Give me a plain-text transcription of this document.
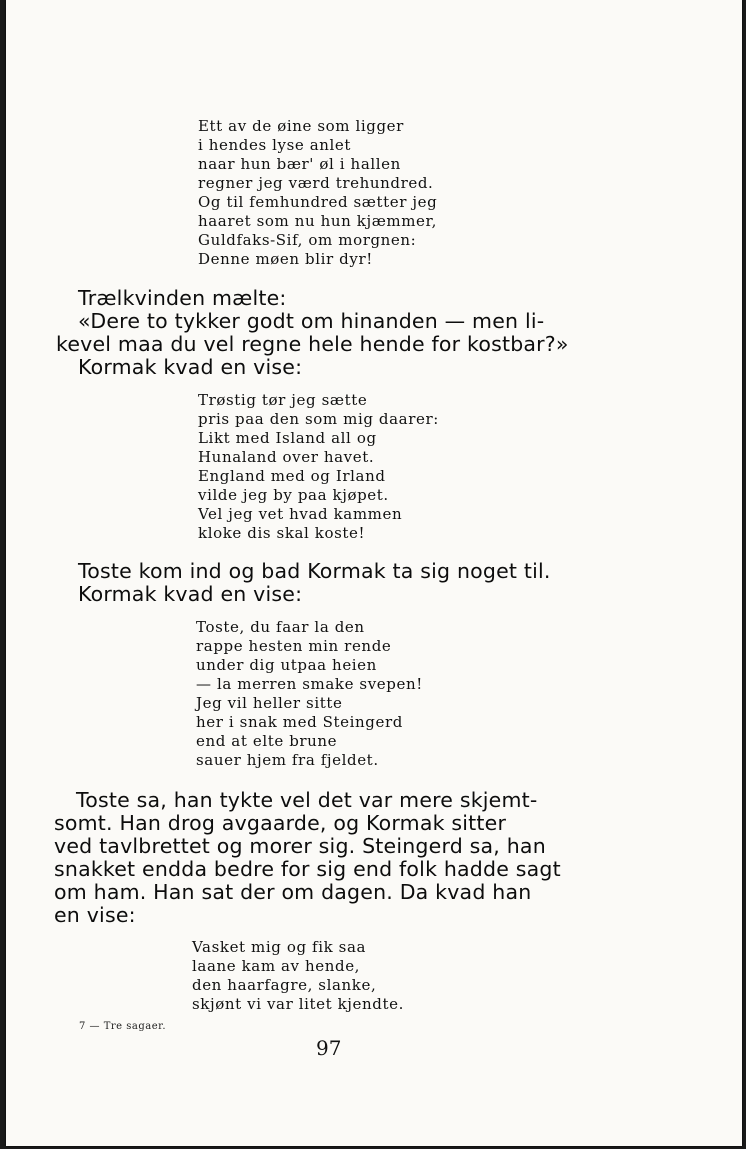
Ett av de øine som ligger
i hendes lyse anlet
naar hun bær' øl i hallen
regner jeg værd trehundred.
Og til femhundred sætter jeg
haaret som nu hun kjæmmer,
Guldfaks-Sif, om morgnen:
Denne møen blir dyr!
Trælkvinden mælte:
«Dere to tykker godt om hinanden — men li-
kevel maa du vel regne hele hende for kostbar?»
Kormak kvad en vise:
Trøstig tør jeg sætte
pris paa den som mig daarer:
Likt med Island all og
Hunaland over havet.
England med og Irland
vilde jeg by paa kjøpet.
Vel jeg vet hvad kammen
kloke dis skal koste!
Toste kom ind og bad Kormak ta sig noget til.
Kormak kvad en vise:
Toste, du faar la den
rappe hesten min rende
under dig utpaa heien
— la merren smake svepen!
Jeg vil heller sitte
her i snak med Steingerd
end at elte brune
sauer hjem fra fjeldet.
Toste sa, han tykte vel det var mere skjemt-
somt. Han drog avgaarde, og Kormak sitter
ved tavlbrettet og morer sig. Steingerd sa, han
snakket endda bedre for sig end folk hadde sagt
om ham. Han sat der om dagen. Da kvad han
en vise:
Vasket mig og fik saa
laane kam av hende,
den haarfagre, slanke,
skjønt vi var litet kjendte.
7 — Tre sagaer.
97
